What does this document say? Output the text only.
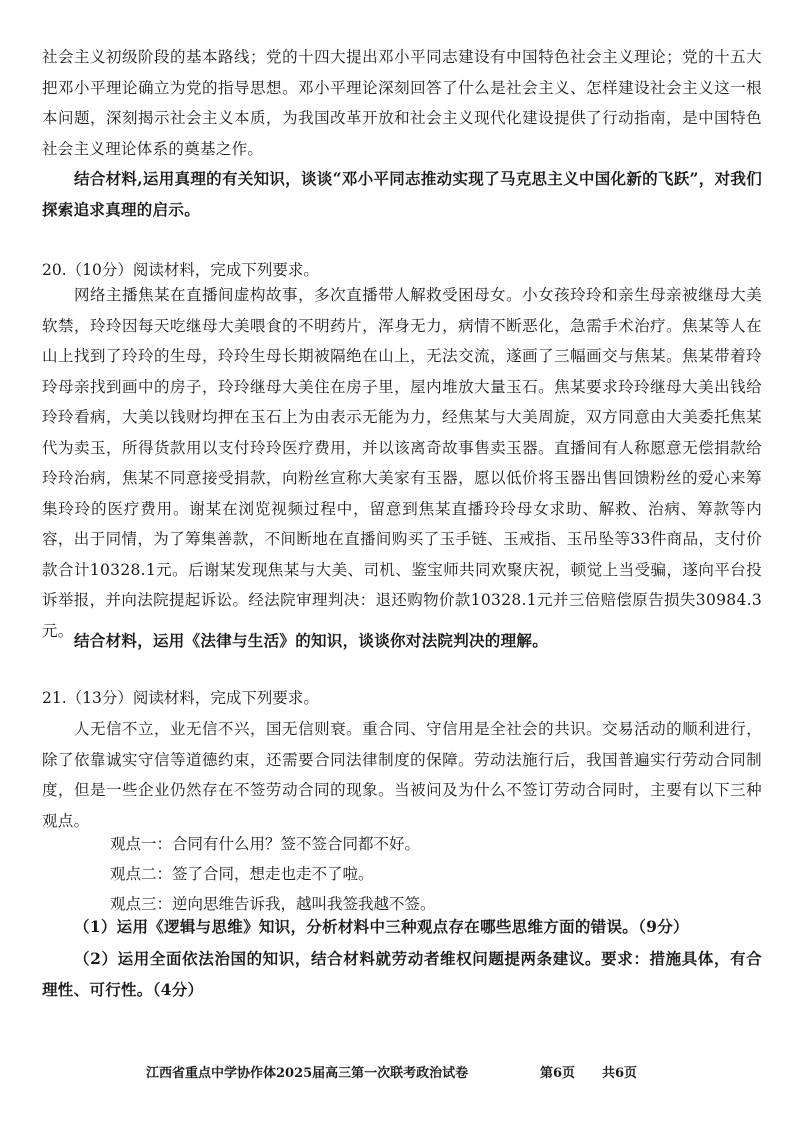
社会主义初级阶段的基本路线；党的十四大提出邓小平同志建设有中国特色社会主义理论；党的十五大把邓小平理论确立为党的指导思想。邓小平理论深刻回答了什么是社会主义、怎样建设社会主义这一根本问题，深刻揭示社会主义本质，为我国改革开放和社会主义现代化建设提供了行动指南，是中国特色社会主义理论体系的奠基之作。

结合材料,运用真理的有关知识，谈谈“邓小平同志推动实现了马克思主义中国化新的飞跃”，对我们探索追求真理的启示。

20.（10分）阅读材料，完成下列要求。

网络主播焦某在直播间虚构故事，多次直播带人解救受困母女。小女孩玲玲和亲生母亲被继母大美软禁，玲玲因每天吃继母大美喂食的不明药片，浑身无力，病情不断恶化，急需手术治疗。焦某等人在山上找到了玲玲的生母，玲玲生母长期被隔绝在山上，无法交流，遂画了三幅画交与焦某。焦某带着玲玲母亲找到画中的房子，玲玲继母大美住在房子里，屋内堆放大量玉石。焦某要求玲玲继母大美出钱给玲玲看病，大美以钱财均押在玉石上为由表示无能为力，经焦某与大美周旋，双方同意由大美委托焦某代为卖玉，所得货款用以支付玲玲医疗费用，并以该离奇故事售卖玉器。直播间有人称愿意无偿捐款给玲玲治病，焦某不同意接受捐款，向粉丝宣称大美家有玉器，愿以低价将玉器出售回馈粉丝的爱心来筹集玲玲的医疗费用。谢某在浏览视频过程中，留意到焦某直播玲玲母女求助、解救、治病、筹款等内容，出于同情，为了筹集善款，不间断地在直播间购买了玉手链、玉戒指、玉吊坠等33件商品，支付价款合计10328.1元。后谢某发现焦某与大美、司机、鉴宝师共同欢聚庆祝，顿觉上当受骗，遂向平台投诉举报，并向法院提起诉讼。经法院审理判决：退还购物价款10328.1元并三倍赔偿原告损失30984.3元。

结合材料，运用《法律与生活》的知识，谈谈你对法院判决的理解。

21.（13分）阅读材料，完成下列要求。

人无信不立，业无信不兴，国无信则衰。重合同、守信用是全社会的共识。交易活动的顺利进行，除了依靠诚实守信等道德约束，还需要合同法律制度的保障。劳动法施行后，我国普遍实行劳动合同制度，但是一些企业仍然存在不签劳动合同的现象。当被问及为什么不签订劳动合同时，主要有以下三种观点。

观点一：合同有什么用？签不签合同都不好。

观点二：签了合同，想走也走不了啦。

观点三：逆向思维告诉我，越叫我签我越不签。

（1）运用《逻辑与思维》知识，分析材料中三种观点存在哪些思维方面的错误。（9分）

（2）运用全面依法治国的知识，结合材料就劳动者维权问题提两条建议。要求：措施具体，有合理性、可行性。（4分）

江西省重点中学协作体2025届高三第一次联考政治试卷	第6页 共6页
